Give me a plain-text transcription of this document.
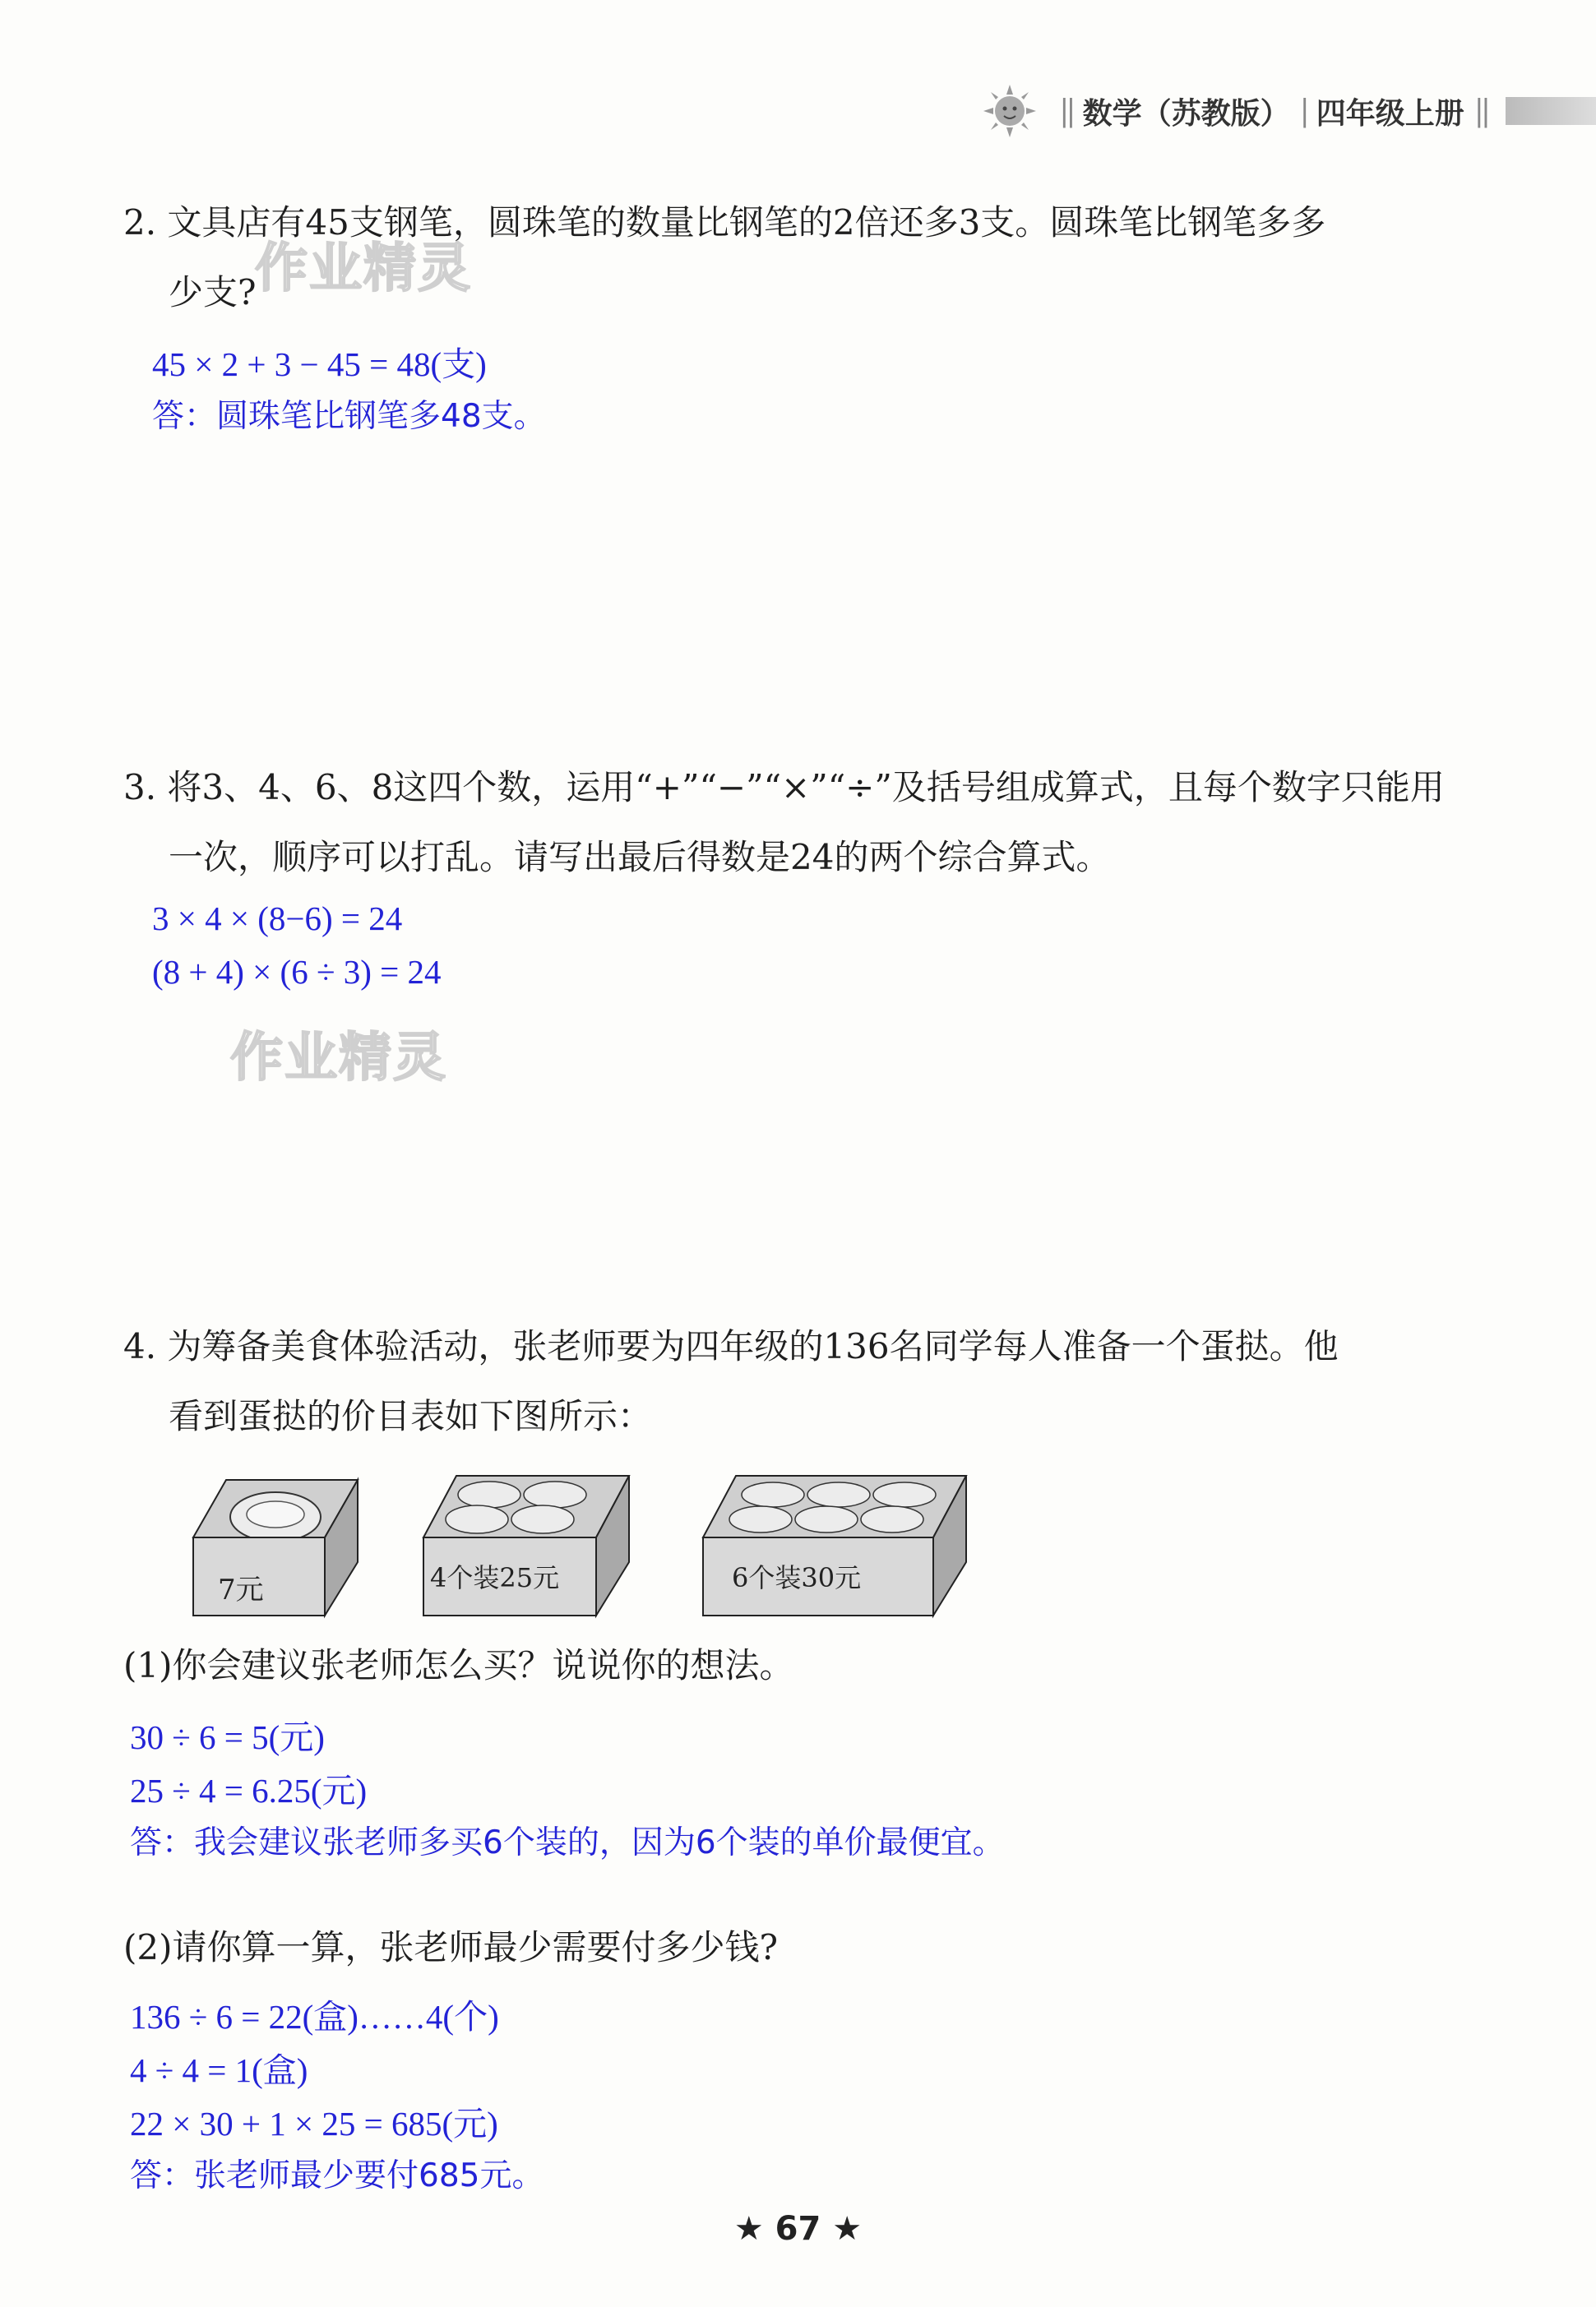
|| 数学（苏教版） | 四年级上册 ||
2. 文具店有45支钢笔，圆珠笔的数量比钢笔的2倍还多3支。圆珠笔比钢笔多多
少支?
45 × 2 + 3 − 45 = 48(支)
答：圆珠笔比钢笔多48支。
作业精灵
3. 将3、4、6、8这四个数，运用“+”“−”“×”“÷”及括号组成算式，且每个数字只能用
一次，顺序可以打乱。请写出最后得数是24的两个综合算式。
3 × 4 × (8−6) = 24
(8 + 4) × (6 ÷ 3) = 24
作业精灵
4. 为筹备美食体验活动，张老师要为四年级的136名同学每人准备一个蛋挞。他
看到蛋挞的价目表如下图所示：
7元	4个装25元	6个装30元
(1)你会建议张老师怎么买？说说你的想法。
30 ÷ 6 = 5(元)
25 ÷ 4 = 6.25(元)
答：我会建议张老师多买6个装的，因为6个装的单价最便宜。
(2)请你算一算，张老师最少需要付多少钱?
136 ÷ 6 = 22(盒)……4(个)
4 ÷ 4 = 1(盒)
22 × 30 + 1 × 25 = 685(元)
答：张老师最少要付685元。
★ 67 ★
